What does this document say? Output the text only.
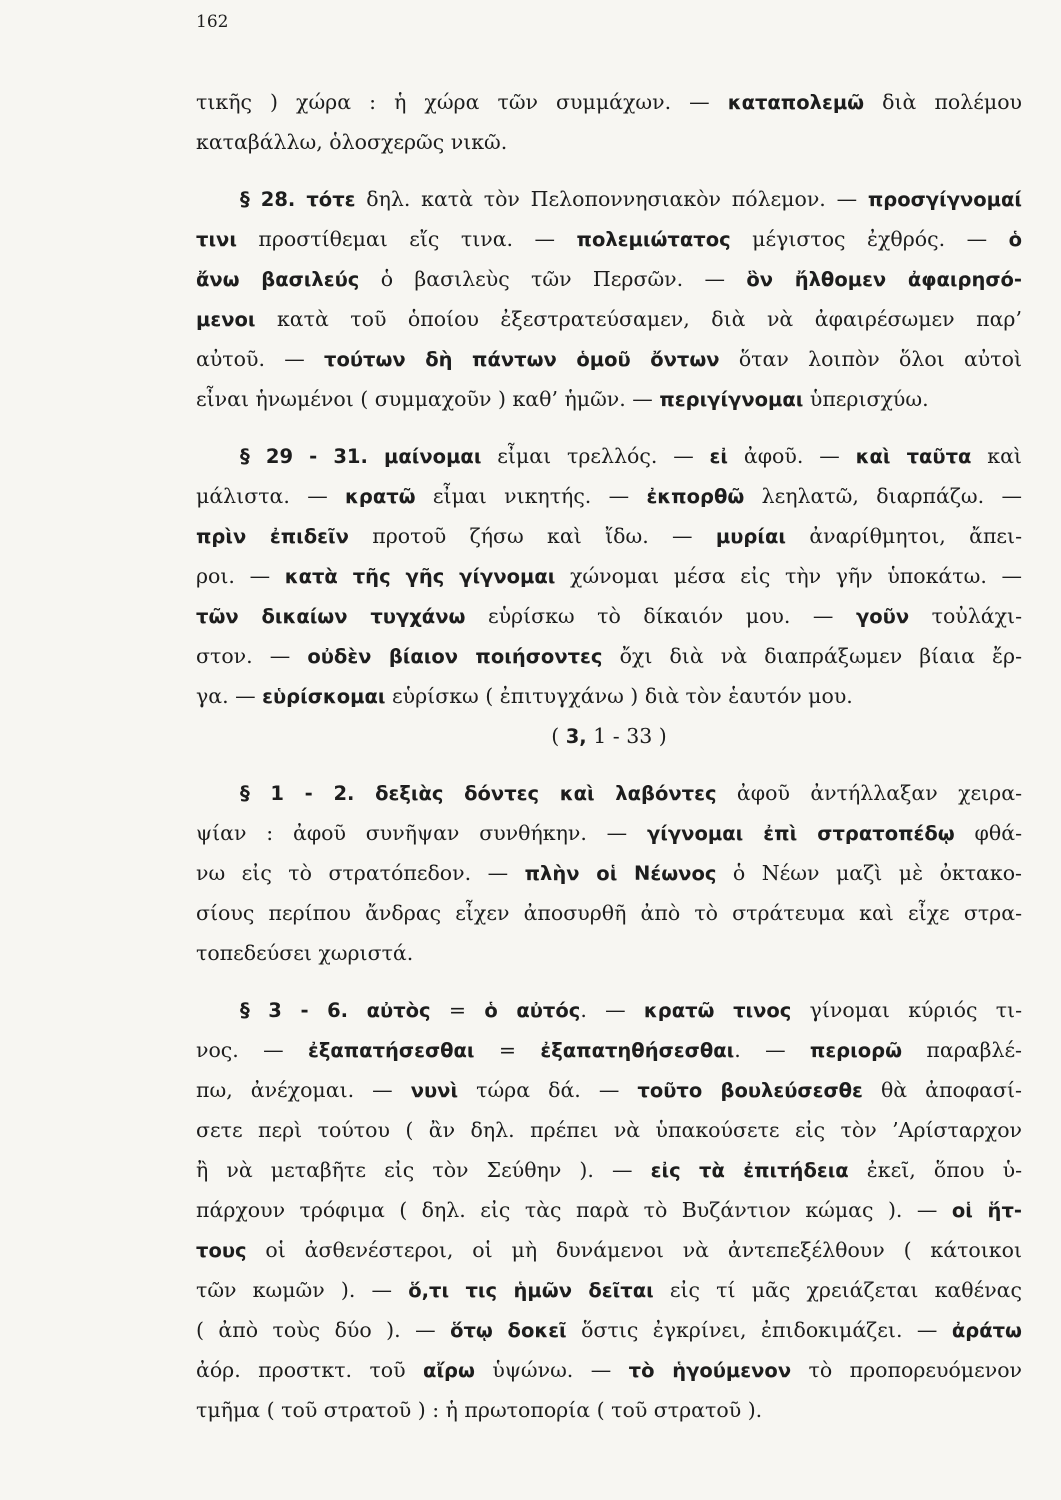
162
τικῆς ) χώρα : ἡ χώρα τῶν συμμάχων. — καταπολεμῶ διὰ πολέμου
καταβάλλω, ὁλοσχερῶς νικῶ.
§ 28. τότε δηλ. κατὰ τὸν Πελοποννησιακὸν πόλεμον. — προσγίγνομαί
τινι προστίθεμαι εἴς τινα. — πολεμιώτατος μέγιστος ἐχθρός. — ὁ
ἄνω βασιλεύς ὁ βασιλεὺς τῶν Περσῶν. — ὃν ἤλθομεν ἀφαιρησό-
μενοι κατὰ τοῦ ὁποίου ἐξεστρατεύσαμεν, διὰ νὰ ἀφαιρέσωμεν παρ’
αὐτοῦ. — τούτων δὴ πάντων ὁμοῦ ὄντων ὅταν λοιπὸν ὅλοι αὐτοὶ
εἶναι ἡνωμένοι ( συμμαχοῦν ) καθ’ ἡμῶν. — περιγίγνομαι ὑπερισχύω.
§ 29 - 31. μαίνομαι εἶμαι τρελλός. — εἰ ἀφοῦ. — καὶ ταῦτα καὶ
μάλιστα. — κρατῶ εἶμαι νικητής. — ἐκπορθῶ λεηλατῶ, διαρπάζω. —
πρὶν ἐπιδεῖν προτοῦ ζήσω καὶ ἴδω. — μυρίαι ἀναρίθμητοι, ἄπει-
ροι. — κατὰ τῆς γῆς γίγνομαι χώνομαι μέσα εἰς τὴν γῆν ὑποκάτω. —
τῶν δικαίων τυγχάνω εὑρίσκω τὸ δίκαιόν μου. — γοῦν τοὐλάχι-
στον. — οὐδὲν βίαιον ποιήσοντες ὄχι διὰ νὰ διαπράξωμεν βίαια ἔρ-
γα. — εὑρίσκομαι εὑρίσκω ( ἐπιτυγχάνω ) διὰ τὸν ἑαυτόν μου.
( 3, 1 - 33 )
§ 1 - 2. δεξιὰς δόντες καὶ λαβόντες ἀφοῦ ἀντήλλαξαν χειρα-
ψίαν : ἀφοῦ συνῆψαν συνθήκην. — γίγνομαι ἐπὶ στρατοπέδῳ φθά-
νω εἰς τὸ στρατόπεδον. — πλὴν οἱ Νέωνος ὁ Νέων μαζὶ μὲ ὀκτακο-
σίους περίπου ἄνδρας εἶχεν ἀποσυρθῆ ἀπὸ τὸ στράτευμα καὶ εἶχε στρα-
τοπεδεύσει χωριστά.
§ 3 - 6. αὐτὸς = ὁ αὐτός. — κρατῶ τινος γίνομαι κύριός τι-
νος. — ἐξαπατήσεσθαι = ἐξαπατηθήσεσθαι. — περιορῶ παραβλέ-
πω, ἀνέχομαι. — νυνὶ τώρα δά. — τοῦτο βουλεύσεσθε θὰ ἀποφασί-
σετε περὶ τούτου ( ἂν δηλ. πρέπει νὰ ὑπακούσετε εἰς τὸν ’Αρίσταρχον
ἢ νὰ μεταβῆτε εἰς τὸν Σεύθην ). — εἰς τὰ ἐπιτήδεια ἐκεῖ, ὅπου ὑ-
πάρχουν τρόφιμα ( δηλ. εἰς τὰς παρὰ τὸ Βυζάντιον κώμας ). — οἱ ἥτ-
τους οἱ ἀσθενέστεροι, οἱ μὴ δυνάμενοι νὰ ἀντεπεξέλθουν ( κάτοικοι
τῶν κωμῶν ). — ὅ,τι τις ἡμῶν δεῖται εἰς τί μᾶς χρειάζεται καθένας
( ἀπὸ τοὺς δύο ). — ὅτῳ δοκεῖ ὅστις ἐγκρίνει, ἐπιδοκιμάζει. — ἀράτω
ἀόρ. προστκτ. τοῦ αἴρω ὑψώνω. — τὸ ἡγούμενον τὸ προπορευόμενον
τμῆμα ( τοῦ στρατοῦ ) : ἡ πρωτοπορία ( τοῦ στρατοῦ ).
